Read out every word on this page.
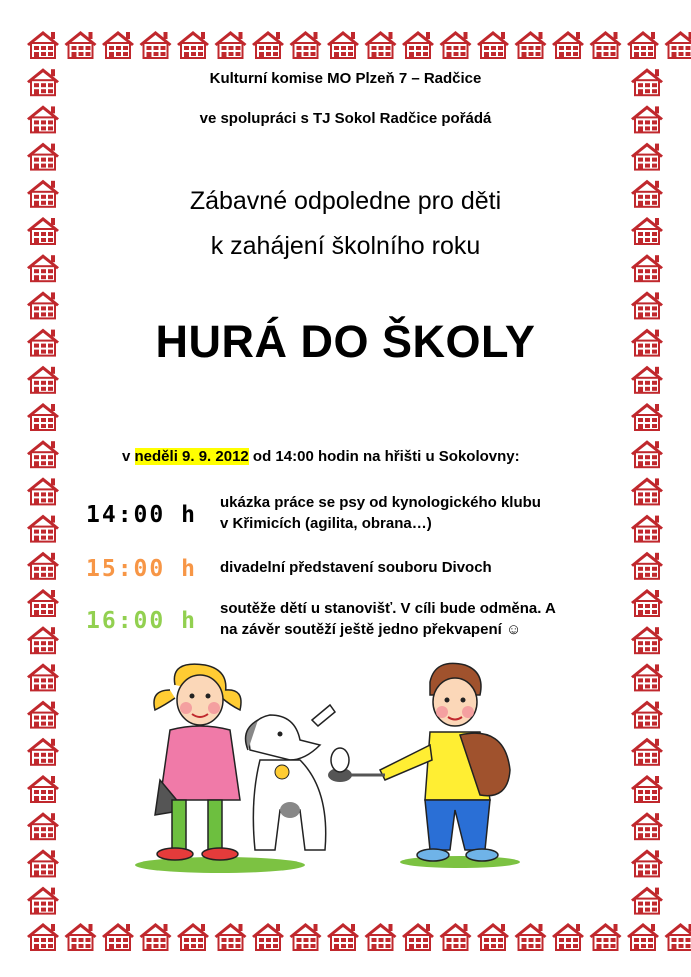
Kulturní komise MO Plzeň 7 – Radčice
ve spolupráci s TJ Sokol Radčice pořádá
Zábavné odpoledne pro děti
k zahájení školního roku
HURÁ DO ŠKOLY
v neděli 9. 9. 2012 od 14:00 hodin na hřišti u Sokolovny:
14:00 h ukázka práce se psy od kynologického klubu
v Křimicích (agilita, obrana…)
15:00 h divadelní představení souboru Divoch
16:00 h soutěže dětí u stanovišť. V cíli bude odměna. A
na závěr soutěží ještě jedno překvapení ☺
